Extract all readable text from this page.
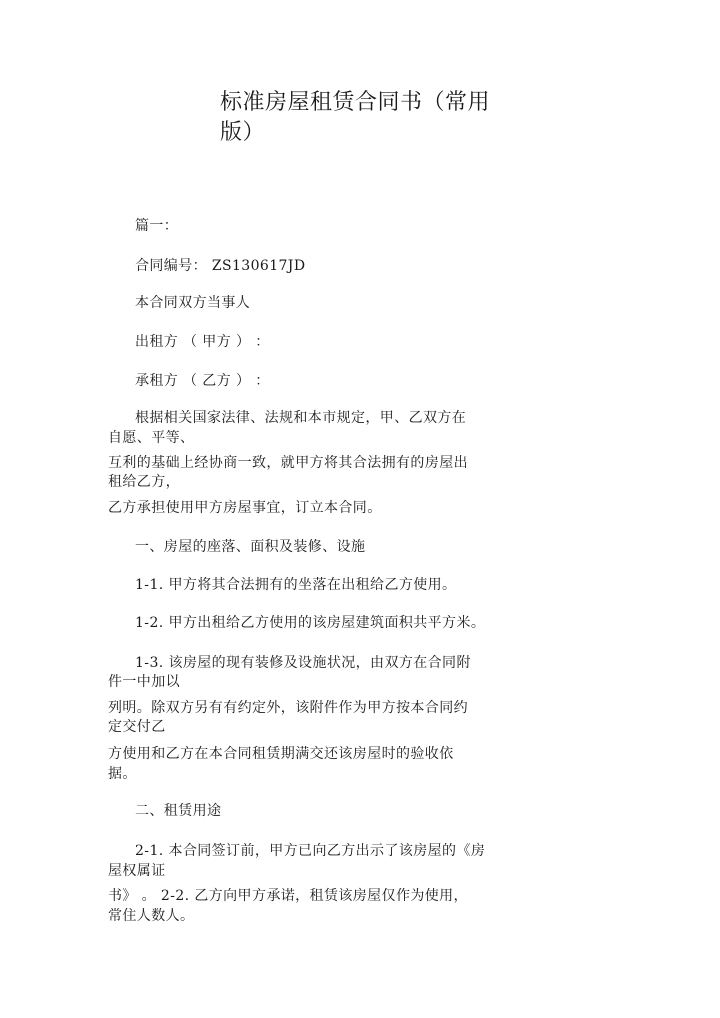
标准房屋租赁合同书（常用版）
篇一：
合同编号： ZS130617JD
本合同双方当事人
出租方 （ 甲方 ） ：
承租方 （ 乙方 ） ：
根据相关国家法律、法规和本市规定，甲、乙双方在
自愿、平等、
互利的基础上经协商一致，就甲方将其合法拥有的房屋出
租给乙方，
乙方承担使用甲方房屋事宜，订立本合同。
一、房屋的座落、面积及装修、设施
1-1. 甲方将其合法拥有的坐落在出租给乙方使用。
1-2. 甲方出租给乙方使用的该房屋建筑面积共平方米。
1-3. 该房屋的现有装修及设施状况，由双方在合同附
件一中加以
列明。除双方另有有约定外，该附件作为甲方按本合同约
定交付乙
方使用和乙方在本合同租赁期满交还该房屋时的验收依
据。
二、租赁用途
2-1. 本合同签订前，甲方已向乙方出示了该房屋的《房
屋权属证
书》 。 2-2. 乙方向甲方承诺，租赁该房屋仅作为使用，
常住人数人。
